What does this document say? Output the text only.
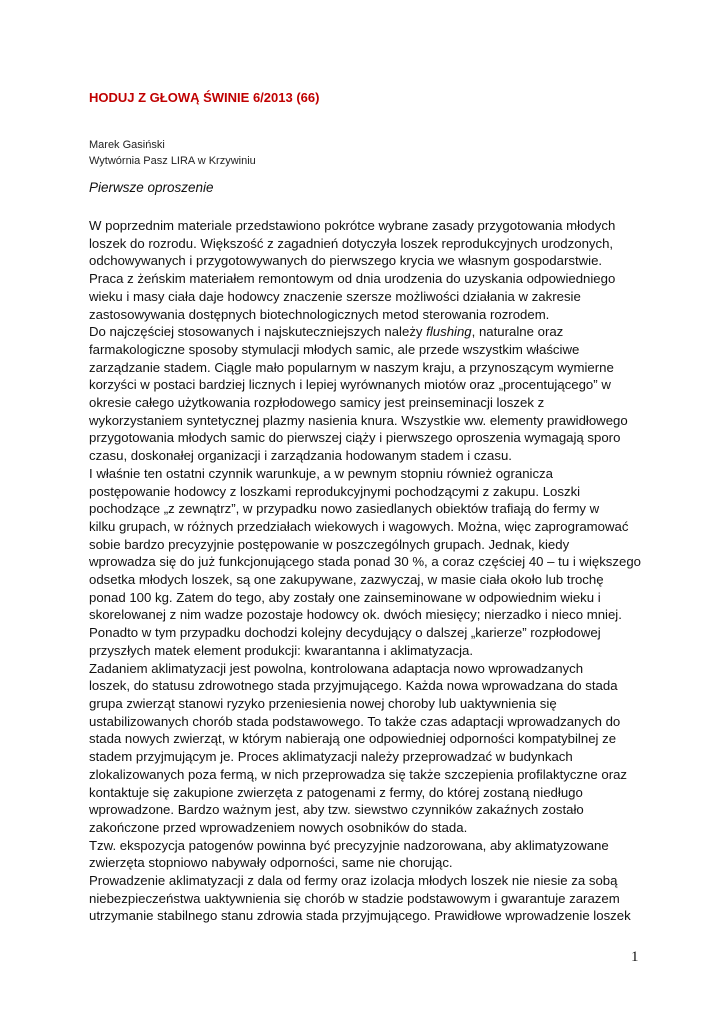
HODUJ Z GŁOWĄ ŚWINIE 6/2013 (66)
Marek Gasiński
Wytwórnia Pasz LIRA w Krzywiniu
Pierwsze oproszenie
W poprzednim materiale przedstawiono pokrótce wybrane zasady przygotowania młodych
loszek do rozrodu. Większość z zagadnień dotyczyła loszek reprodukcyjnych urodzonych,
odchowywanych i przygotowywanych do pierwszego krycia we własnym gospodarstwie.
Praca z żeńskim materiałem remontowym od dnia urodzenia do uzyskania odpowiedniego
wieku i masy ciała daje hodowcy znaczenie szersze możliwości działania w zakresie
zastosowywania dostępnych biotechnologicznych metod sterowania rozrodem.
Do najczęściej stosowanych i najskuteczniejszych należy flushing, naturalne oraz
farmakologiczne sposoby stymulacji młodych samic, ale przede wszystkim właściwe
zarządzanie stadem. Ciągle mało popularnym w naszym kraju, a przynoszącym wymierne
korzyści w postaci bardziej licznych i lepiej wyrównanych miotów oraz „procentującego” w
okresie całego użytkowania rozpłodowego samicy jest preinseminacji loszek z
wykorzystaniem syntetycznej plazmy nasienia knura. Wszystkie ww. elementy prawidłowego
przygotowania młodych samic do pierwszej ciąży i pierwszego oproszenia wymagają sporo
czasu, doskonałej organizacji i zarządzania hodowanym stadem i czasu.
I właśnie ten ostatni czynnik warunkuje, a w pewnym stopniu również ogranicza
postępowanie hodowcy z loszkami reprodukcyjnymi pochodzącymi z zakupu. Loszki
pochodzące „z zewnątrz”, w przypadku nowo zasiedlanych obiektów trafiają do fermy w
kilku grupach, w różnych przedziałach wiekowych i wagowych. Można, więc zaprogramować
sobie bardzo precyzyjnie postępowanie w poszczególnych grupach. Jednak, kiedy
wprowadza się do już funkcjonującego stada ponad 30 %, a coraz częściej 40 – tu i większego
odsetka młodych loszek, są one zakupywane, zazwyczaj, w masie ciała około lub trochę
ponad 100 kg. Zatem do tego, aby zostały one zainseminowane w odpowiednim wieku i
skorelowanej z nim wadze pozostaje hodowcy ok. dwóch miesięcy; nierzadko i nieco mniej.
Ponadto w tym przypadku dochodzi kolejny decydujący o dalszej „karierze” rozpłodowej
przyszłych matek element produkcji: kwarantanna i aklimatyzacja.
Zadaniem aklimatyzacji jest powolna, kontrolowana adaptacja nowo wprowadzanych
loszek, do statusu zdrowotnego stada przyjmującego. Każda nowa wprowadzana do stada
grupa zwierząt stanowi ryzyko przeniesienia nowej choroby lub uaktywnienia się
ustabilizowanych chorób stada podstawowego. To także czas adaptacji wprowadzanych do
stada nowych zwierząt, w którym nabierają one odpowiedniej odporności kompatybilnej ze
stadem przyjmującym je. Proces aklimatyzacji należy przeprowadzać w budynkach
zlokalizowanych poza fermą, w nich przeprowadza się także szczepienia profilaktyczne oraz
kontaktuje się zakupione zwierzęta z patogenami z fermy, do której zostaną niedługo
wprowadzone. Bardzo ważnym jest, aby tzw. siewstwo czynników zakaźnych zostało
zakończone przed wprowadzeniem nowych osobników do stada.
Tzw. ekspozycja patogenów powinna być precyzyjnie nadzorowana, aby aklimatyzowane
zwierzęta stopniowo nabywały odporności, same nie chorując.
Prowadzenie aklimatyzacji z dala od fermy oraz izolacja młodych loszek nie niesie za sobą
niebezpieczeństwa uaktywnienia się chorób w stadzie podstawowym i gwarantuje zarazem
utrzymanie stabilnego stanu zdrowia stada przyjmującego. Prawidłowe wprowadzenie loszek
1
